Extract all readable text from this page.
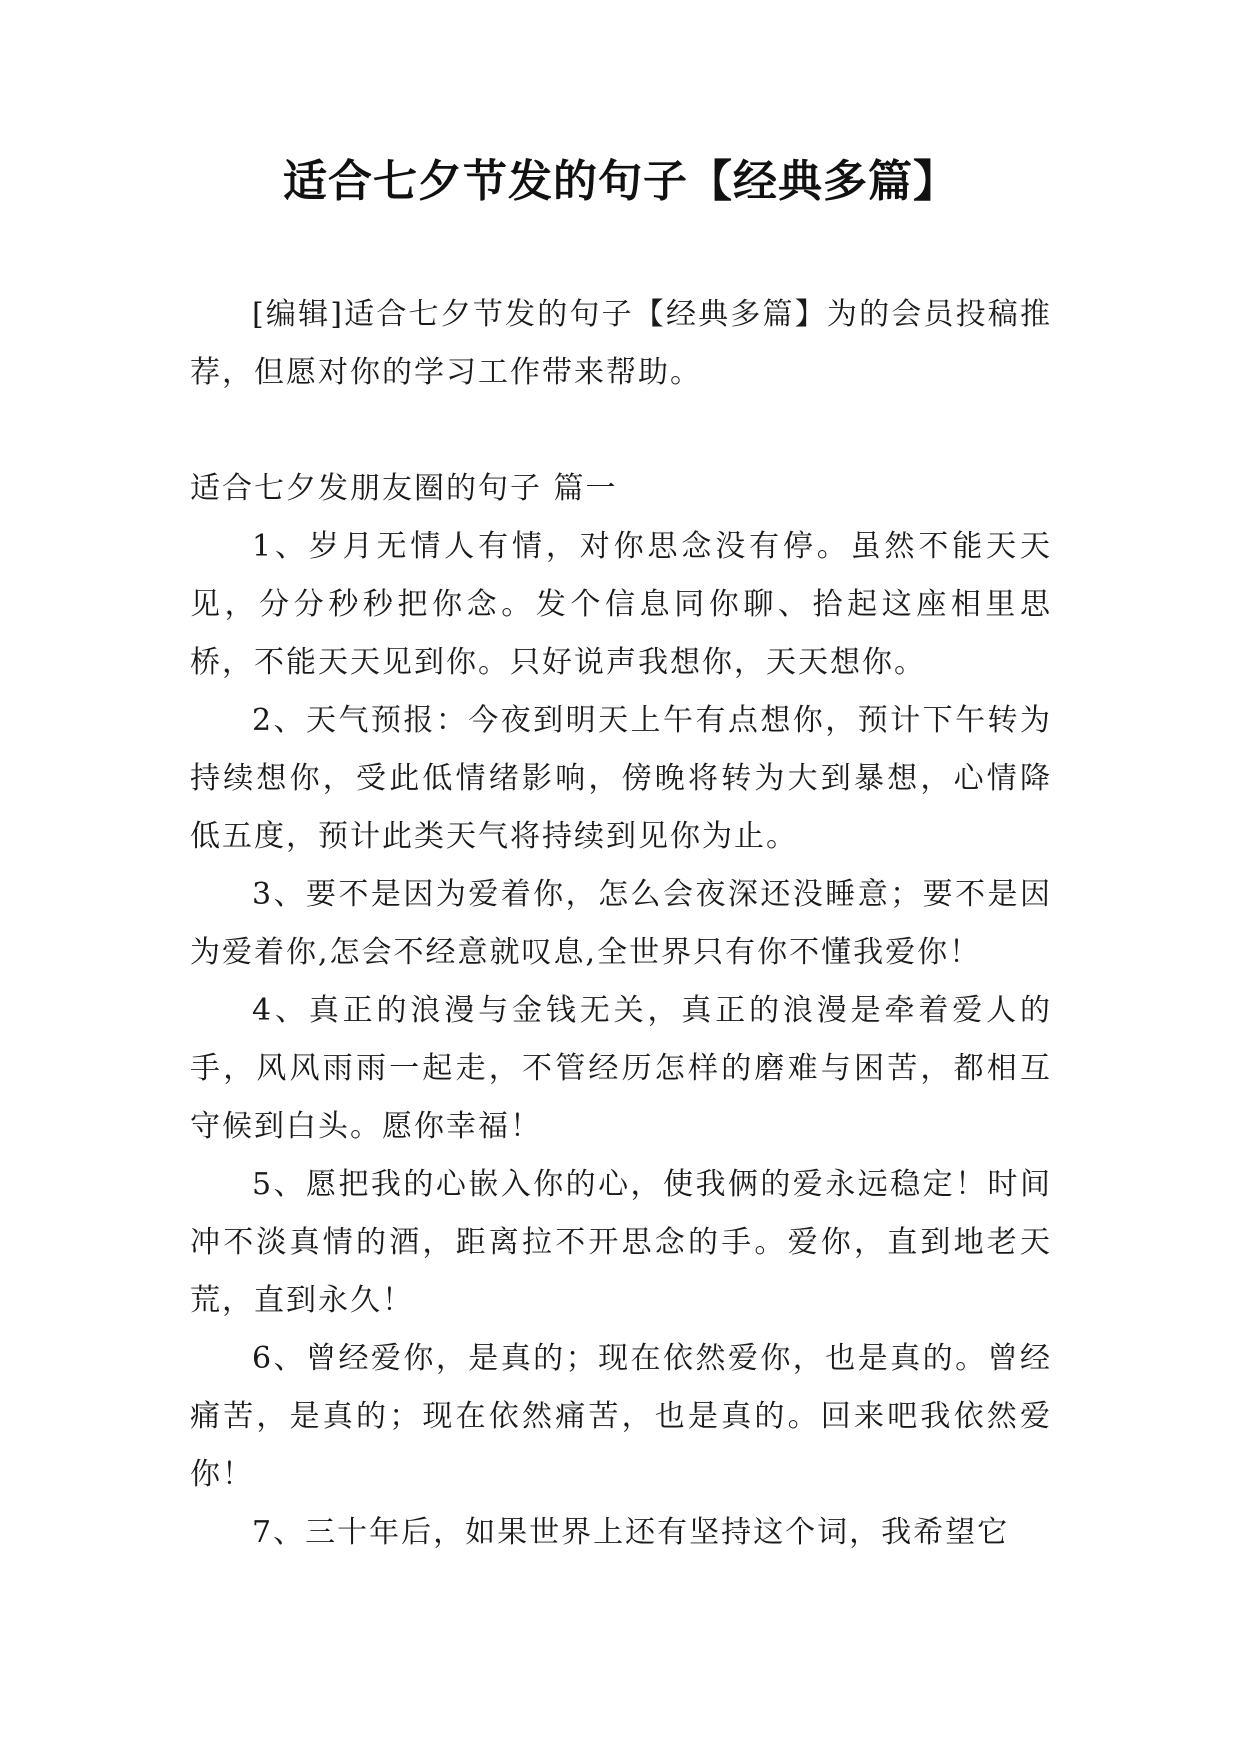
适合七夕节发的句子【经典多篇】

[编辑]适合七夕节发的句子【经典多篇】为的会员投稿推荐，但愿对你的学习工作带来帮助。

适合七夕发朋友圈的句子 篇一

1、岁月无情人有情，对你思念没有停。虽然不能天天见，分分秒秒把你念。发个信息同你聊、拾起这座相里思桥，不能天天见到你。只好说声我想你，天天想你。

2、天气预报：今夜到明天上午有点想你，预计下午转为持续想你，受此低情绪影响，傍晚将转为大到暴想，心情降低五度，预计此类天气将持续到见你为止。

3、要不是因为爱着你，怎么会夜深还没睡意；要不是因为爱着你,怎会不经意就叹息,全世界只有你不懂我爱你！

4、真正的浪漫与金钱无关，真正的浪漫是牵着爱人的手，风风雨雨一起走，不管经历怎样的磨难与困苦，都相互守候到白头。愿你幸福！

5、愿把我的心嵌入你的心，使我俩的爱永远稳定！时间冲不淡真情的酒，距离拉不开思念的手。爱你，直到地老天荒，直到永久！

6、曾经爱你，是真的；现在依然爱你，也是真的。曾经痛苦，是真的；现在依然痛苦，也是真的。回来吧我依然爱你！

7、三十年后，如果世界上还有坚持这个词，我希望它
